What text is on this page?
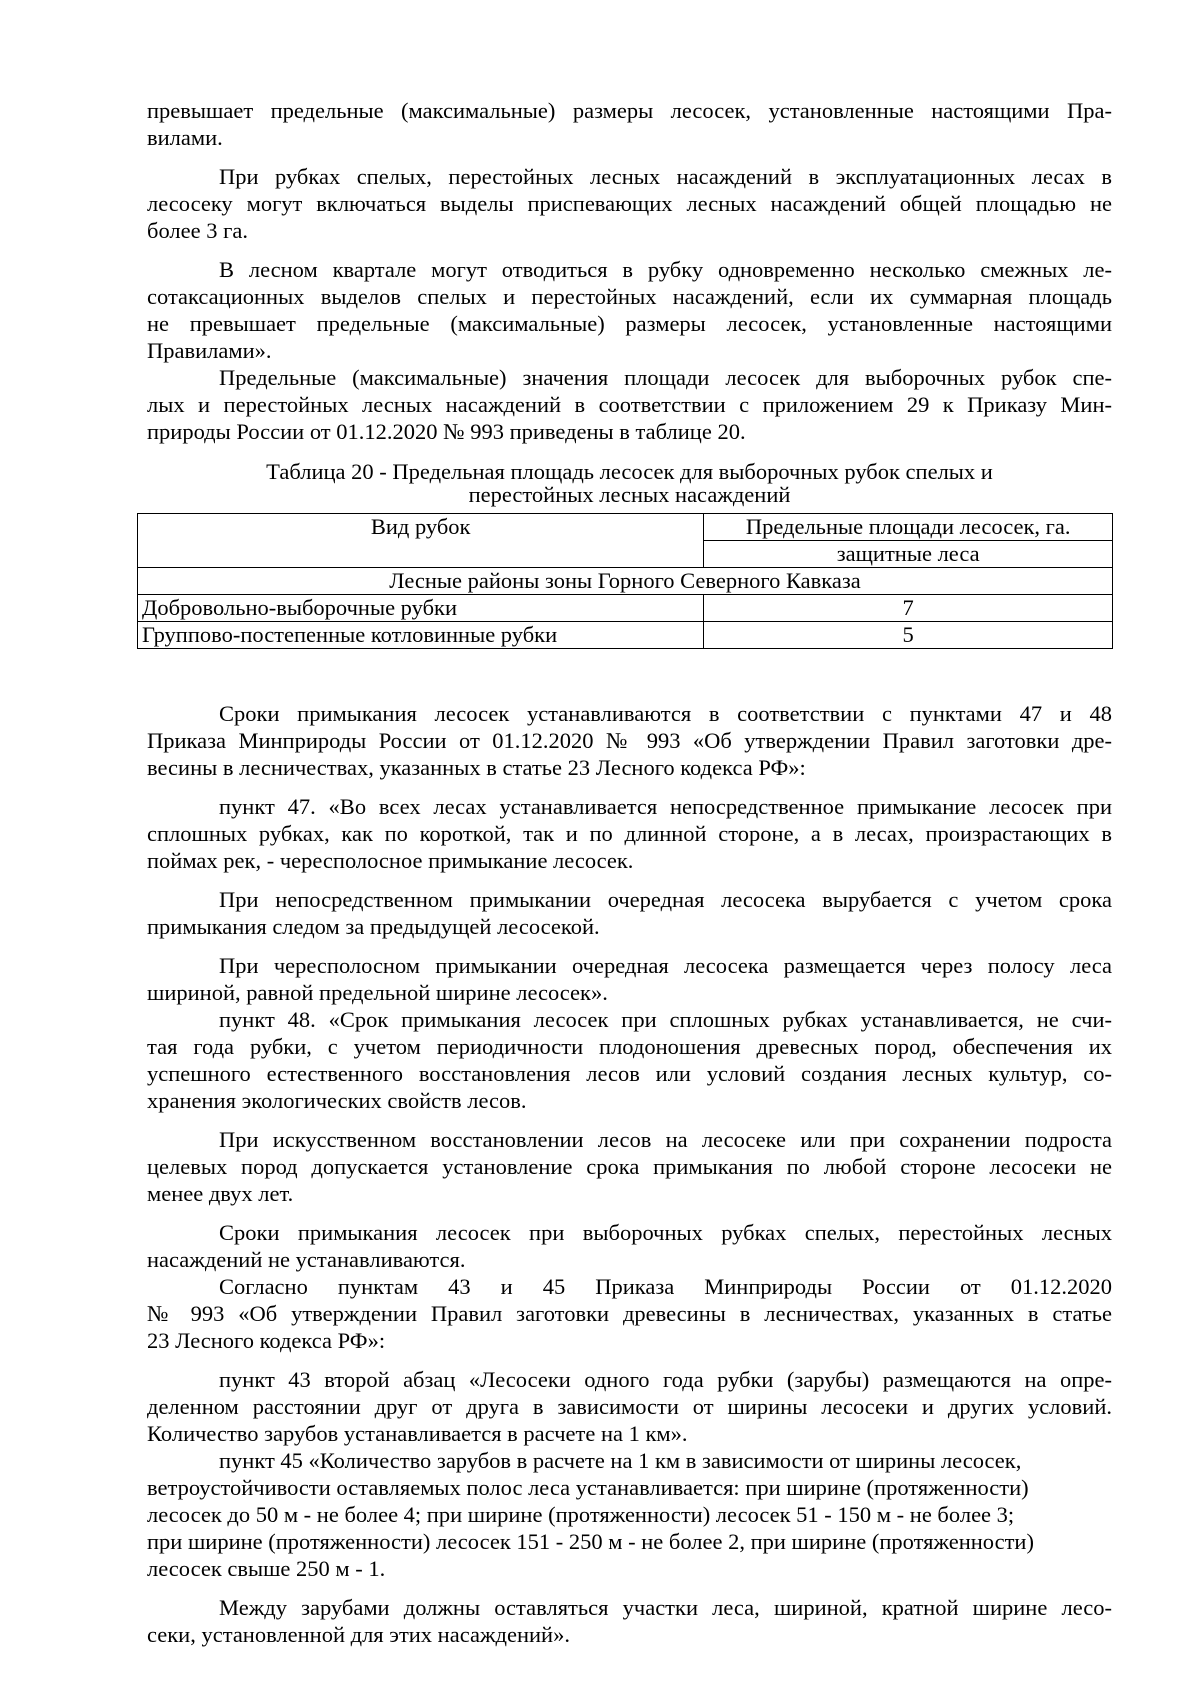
превышает предельные (максимальные) размеры лесосек, установленные настоящими Пра-
вилами.
При рубках спелых, перестойных лесных насаждений в эксплуатационных лесах в
лесосеку могут включаться выделы приспевающих лесных насаждений общей площадью не
более 3 га.
В лесном квартале могут отводиться в рубку одновременно несколько смежных ле-
сотаксационных выделов спелых и перестойных насаждений, если их суммарная площадь
не превышает предельные (максимальные) размеры лесосек, установленные настоящими
Правилами».
Предельные (максимальные) значения площади лесосек для выборочных рубок спе-
лых и перестойных лесных насаждений в соответствии с приложением 29 к Приказу Мин-
природы России от 01.12.2020 № 993 приведены в таблице 20.
Таблица 20 - Предельная площадь лесосек для выборочных рубок спелых и
перестойных лесных насаждений
Вид рубок	Предельные площади лесосек, га.
	защитные леса
Лесные районы зоны Горного Северного Кавказа	
Добровольно-выборочные рубки	7
Группово-постепенные котловинные рубки	5
Сроки примыкания лесосек устанавливаются в соответствии с пунктами 47 и 48
Приказа Минприроды России от 01.12.2020 № 993 «Об утверждении Правил заготовки дре-
весины в лесничествах, указанных в статье 23 Лесного кодекса РФ»:
пункт 47. «Во всех лесах устанавливается непосредственное примыкание лесосек при
сплошных рубках, как по короткой, так и по длинной стороне, а в лесах, произрастающих в
поймах рек, - чересполосное примыкание лесосек.
При непосредственном примыкании очередная лесосека вырубается с учетом срока
примыкания следом за предыдущей лесосекой.
При чересполосном примыкании очередная лесосека размещается через полосу леса
шириной, равной предельной ширине лесосек».
пункт 48. «Срок примыкания лесосек при сплошных рубках устанавливается, не счи-
тая года рубки, с учетом периодичности плодоношения древесных пород, обеспечения их
успешного естественного восстановления лесов или условий создания лесных культур, со-
хранения экологических свойств лесов.
При искусственном восстановлении лесов на лесосеке или при сохранении подроста
целевых пород допускается установление срока примыкания по любой стороне лесосеки не
менее двух лет.
Сроки примыкания лесосек при выборочных рубках спелых, перестойных лесных
насаждений не устанавливаются.
Согласно   пунктам   43   и   45   Приказа   Минприроды   России   от   01.12.2020
№ 993 «Об утверждении Правил заготовки древесины в лесничествах, указанных в статье
23 Лесного кодекса РФ»:
пункт 43 второй абзац «Лесосеки одного года рубки (зарубы) размещаются на опре-
деленном расстоянии друг от друга в зависимости от ширины лесосеки и других условий.
Количество зарубов устанавливается в расчете на 1 км».
пункт 45 «Количество зарубов в расчете на 1 км в зависимости от ширины лесосек,
ветроустойчивости оставляемых полос леса устанавливается: при ширине (протяженности)
лесосек до 50 м - не более 4; при ширине (протяженности) лесосек 51 - 150 м - не более 3;
при ширине (протяженности) лесосек 151 - 250 м - не более 2, при ширине (протяженности)
лесосек свыше 250 м - 1.
Между зарубами должны оставляться участки леса, шириной, кратной ширине лесо-
секи, установленной для этих насаждений».
